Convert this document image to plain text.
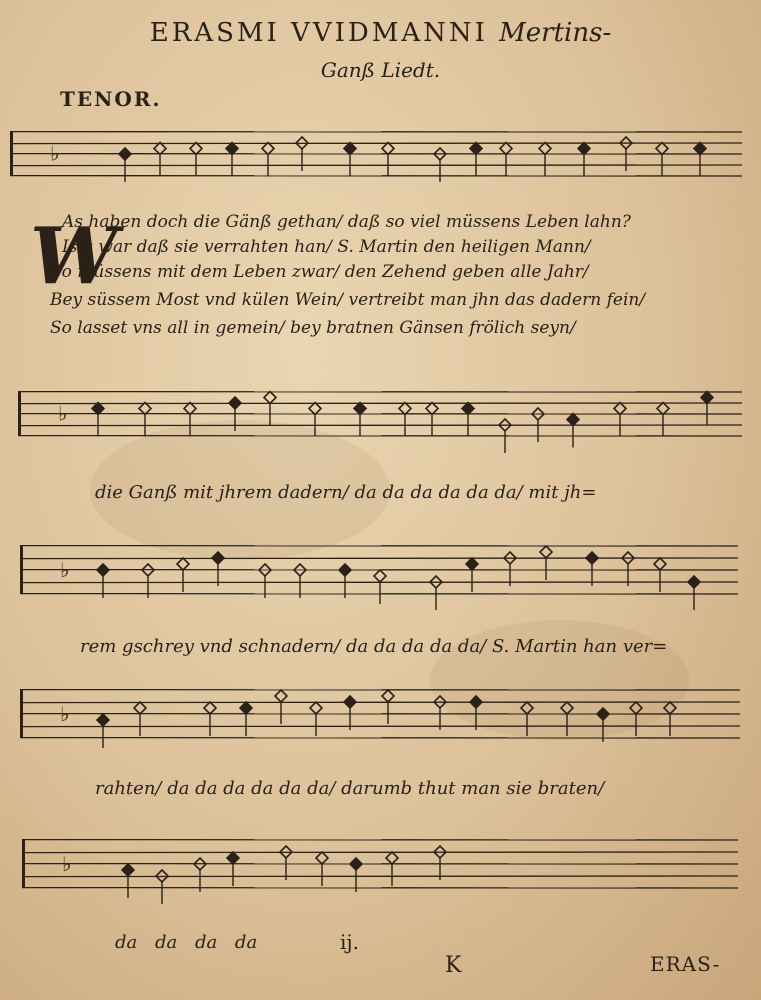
ERASMI VVIDMANNI Mertins-
Ganß Liedt.
TENOR.
♭
W
As haben doch die Gänß gethan/ daß so viel müssens Leben lahn?
Ists war daß sie verrahten han/ S. Martin den heiligen Mann/
So müssens mit dem Leben zwar/ den Zehend geben alle Jahr/
Bey süssem Most vnd külen Wein/ vertreibt man jhn das dadern fein/
So lasset vns all in gemein/ bey bratnen Gänsen frölich seyn/
♭
die Ganß mit jhrem dadern/ da da da da da da/ mit jh=
♭
rem gschrey vnd schnadern/ da da da da da/ S. Martin han ver=
♭
rahten/ da da da da da da/ darumb thut man sie braten/
♭
da da da da	ij.
K	ERAS-
